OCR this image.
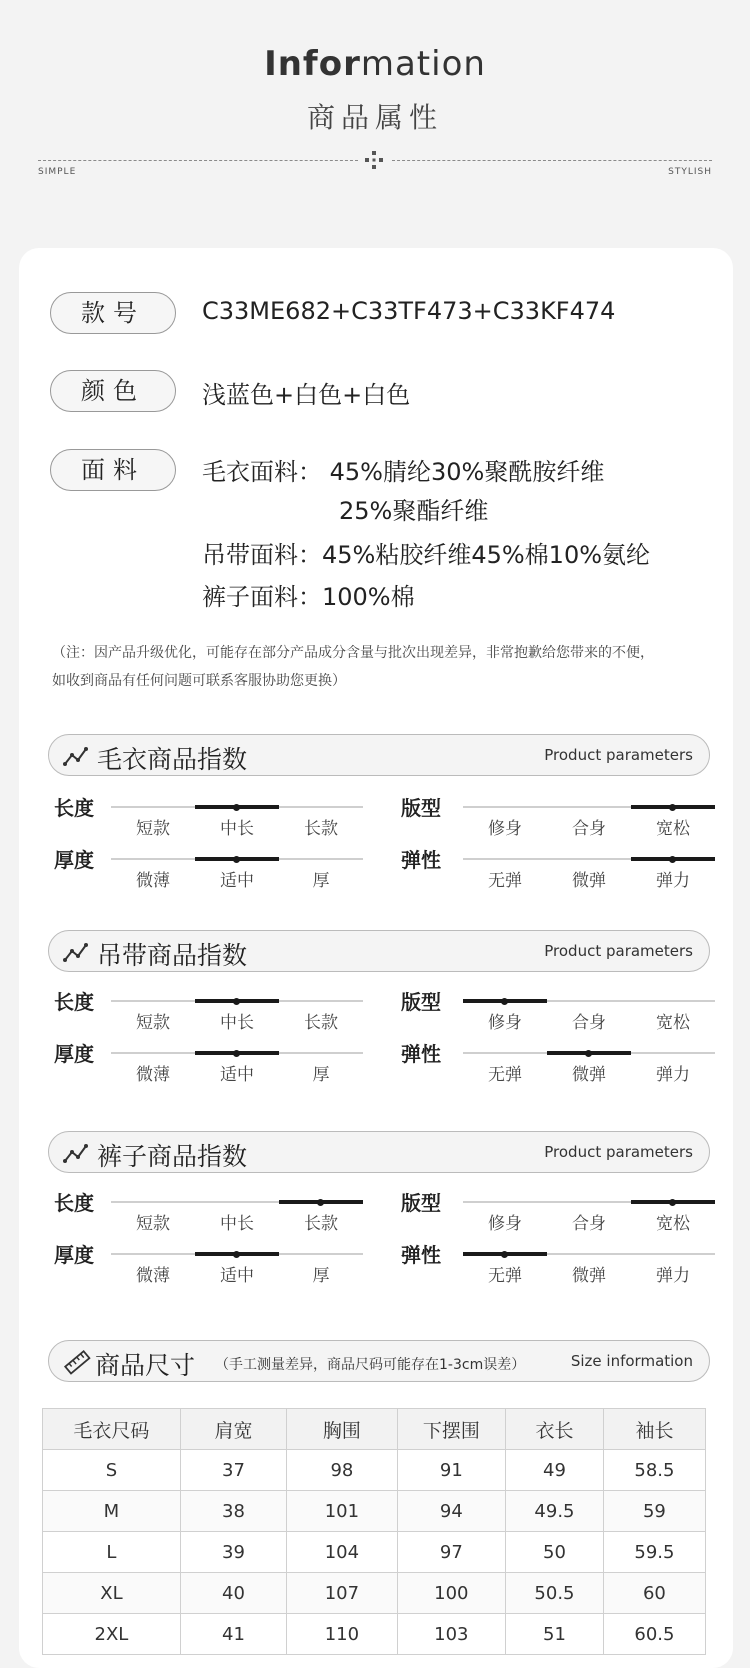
Information
商品属性
SIMPLE	STYLISH
款号	C33ME682+C33TF473+C33KF474
颜色	浅蓝色+白色+白色
面料	毛衣面料： 45%腈纶30%聚酰胺纤维
25%聚酯纤维
吊带面料：45%粘胶纤维45%棉10%氨纶
裤子面料：100%棉
（注：因产品升级优化，可能存在部分产品成分含量与批次出现差异，非常抱歉给您带来的不便，
如收到商品有任何问题可联系客服协助您更换）
毛衣商品指数	Product parameters
长度
短款	中长	长款
版型
修身	合身	宽松
厚度
微薄	适中	厚
弹性
无弹	微弹	弹力
吊带商品指数	Product parameters
长度
短款	中长	长款
版型
修身	合身	宽松
厚度
微薄	适中	厚
弹性
无弹	微弹	弹力
裤子商品指数	Product parameters
长度
短款	中长	长款
版型
修身	合身	宽松
厚度
微薄	适中	厚
弹性
无弹	微弹	弹力
商品尺寸 （手工测量差异，商品尺码可能存在1-3cm误差）	Size information
毛衣尺码	肩宽	胸围	下摆围	衣长	袖长
S	37	98	91	49	58.5
M	38	101	94	49.5	59
L	39	104	97	50	59.5
XL	40	107	100	50.5	60
2XL	41	110	103	51	60.5
